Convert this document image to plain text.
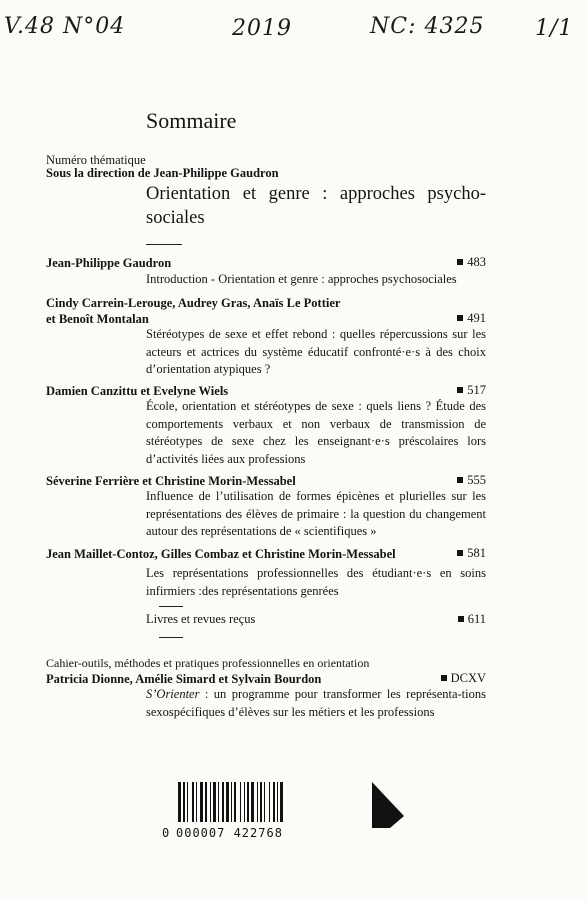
V.48 N°04	2019	NC: 4325 1/1
Sommaire
Numéro thématique
Sous la direction de Jean-Philippe Gaudron
Orientation et genre : approches psycho-sociales
Jean-Philippe Gaudron	483
Introduction - Orientation et genre : approches psychosociales
Cindy Carrein-Lerouge, Audrey Gras, Anaïs Le Pottier
et Benoît Montalan	491
Stéréotypes de sexe et effet rebond : quelles répercussions sur les acteurs et actrices du système éducatif confronté·e·s à des choix d’orientation atypiques ?
Damien Canzittu et Evelyne Wiels	517
École, orientation et stéréotypes de sexe : quels liens ? Étude des comportements verbaux et non verbaux de transmission de stéréotypes de sexe chez les enseignant·e·s préscolaires lors d’activités liées aux professions
Séverine Ferrière et Christine Morin-Messabel	555
Influence de l’utilisation de formes épicènes et plurielles sur les représentations des élèves de primaire : la question du changement autour des représentations de « scientifiques »
Jean Maillet-Contoz, Gilles Combaz et Christine Morin-Messabel	581
Les représentations professionnelles des étudiant·e·s en soins infirmiers :des représentations genrées
Livres et revues reçus	611
Cahier-outils, méthodes et pratiques professionnelles en orientation
Patricia Dionne, Amélie Simard et Sylvain Bourdon	DCXV
S’Orienter : un programme pour transformer les représenta-tions sexospécifiques d’élèves sur les métiers et les professions
0 000007 422768
